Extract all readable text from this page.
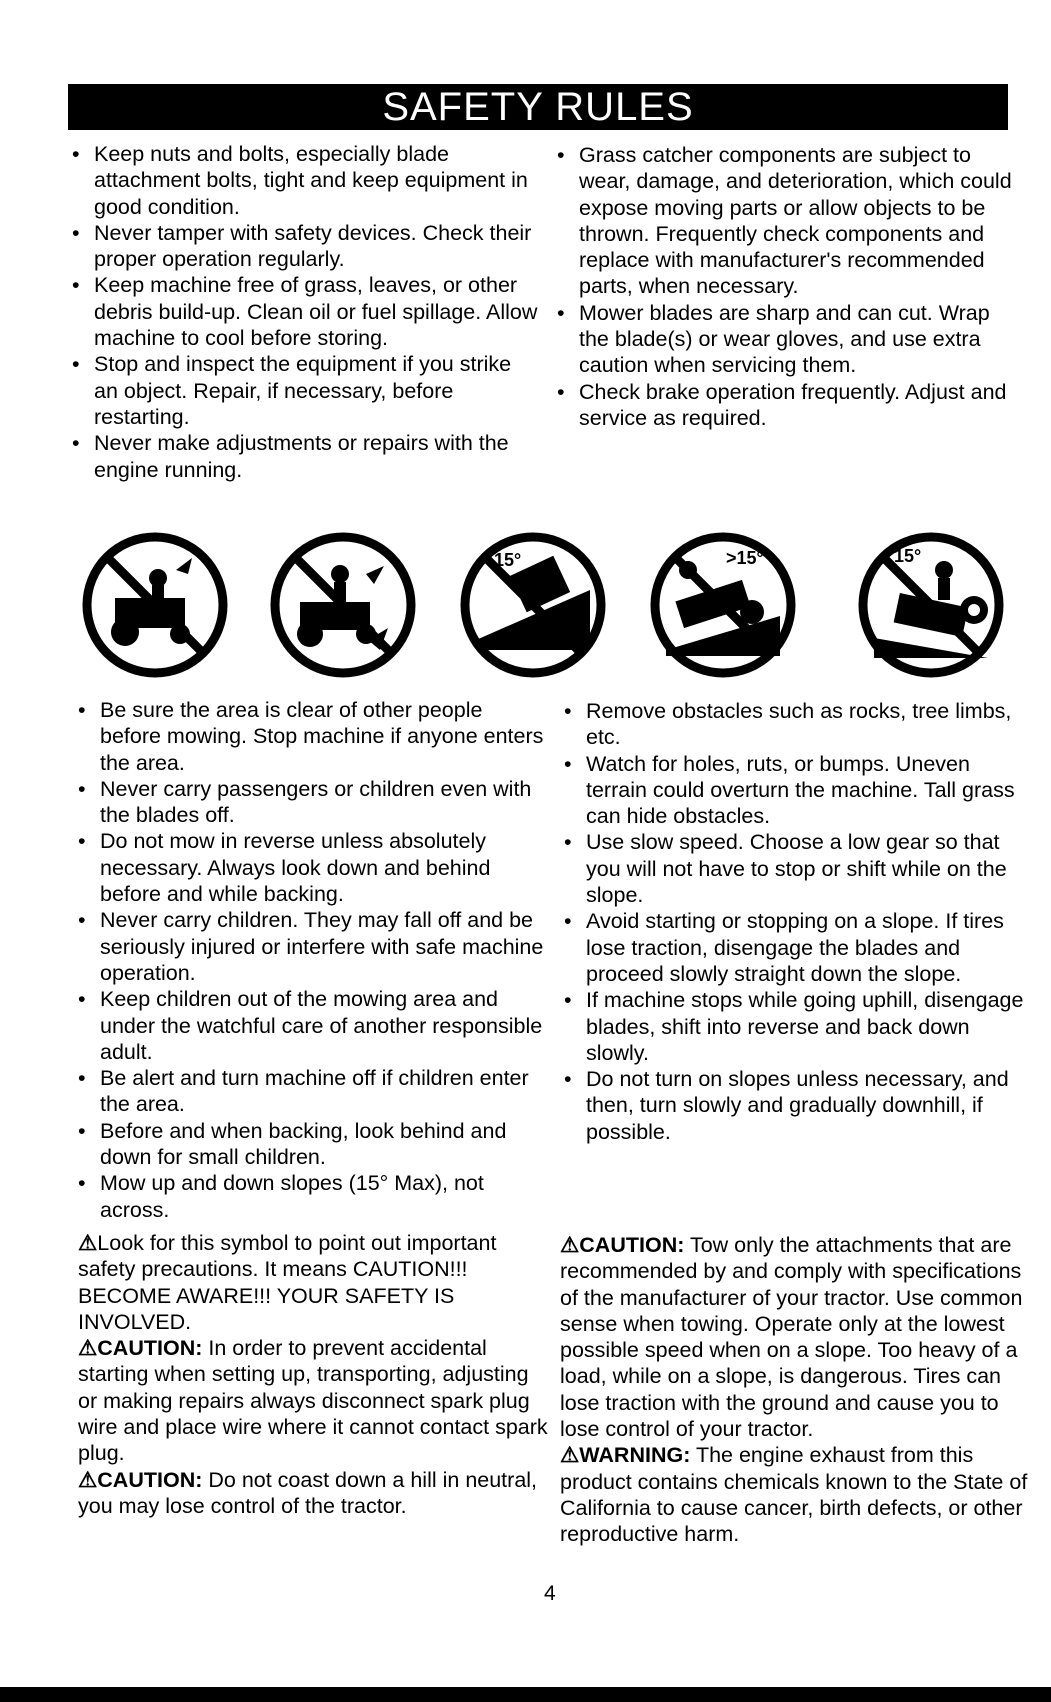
SAFETY RULES
• Keep nuts and bolts, especially blade attachment bolts, tight and keep equipment in good condition.
• Never tamper with safety devices. Check their proper operation regularly.
• Keep machine free of grass, leaves, or other debris build-up. Clean oil or fuel spillage. Allow machine to cool before storing.
• Stop and inspect the equipment if you strike an object. Repair, if necessary, before restarting.
• Never make adjustments or repairs with the engine running.
• Grass catcher components are subject to wear, damage, and deterioration, which could expose moving parts or allow objects to be thrown. Frequently check components and replace with manufacturer's recommended parts, when necessary.
• Mower blades are sharp and can cut. Wrap the blade(s) or wear gloves, and use extra caution when servicing them.
• Check brake operation frequently. Adjust and service as required.
15°	>15°	15°
• Be sure the area is clear of other people before mowing. Stop machine if anyone enters the area.
• Never carry passengers or children even with the blades off.
• Do not mow in reverse unless absolutely necessary. Always look down and behind before and while backing.
• Never carry children. They may fall off and be seriously injured or interfere with safe machine operation.
• Keep children out of the mowing area and under the watchful care of another responsible adult.
• Be alert and turn machine off if children enter the area.
• Before and when backing, look behind and down for small children.
• Mow up and down slopes (15° Max), not across.
• Remove obstacles such as rocks, tree limbs, etc.
• Watch for holes, ruts, or bumps. Uneven terrain could overturn the machine. Tall grass can hide obstacles.
• Use slow speed. Choose a low gear so that you will not have to stop or shift while on the slope.
• Avoid starting or stopping on a slope. If tires lose traction, disengage the blades and proceed slowly straight down the slope.
• If machine stops while going uphill, disengage blades, shift into reverse and back down slowly.
• Do not turn on slopes unless necessary, and then, turn slowly and gradually downhill, if possible.

⚠Look for this symbol to point out important safety precautions. It means CAUTION!!! BECOME AWARE!!! YOUR SAFETY IS INVOLVED.

⚠CAUTION: In order to prevent accidental starting when setting up, transporting, adjusting or making repairs always disconnect spark plug wire and place wire where it cannot contact spark plug.

⚠CAUTION: Do not coast down a hill in neutral, you may lose control of the tractor.

⚠CAUTION: Tow only the attachments that are recommended by and comply with specifications of the manufacturer of your tractor. Use common sense when towing. Operate only at the lowest possible speed when on a slope. Too heavy of a load, while on a slope, is dangerous. Tires can lose traction with the ground and cause you to lose control of your tractor.

⚠WARNING: The engine exhaust from this product contains chemicals known to the State of California to cause cancer, birth defects, or other reproductive harm.

4
